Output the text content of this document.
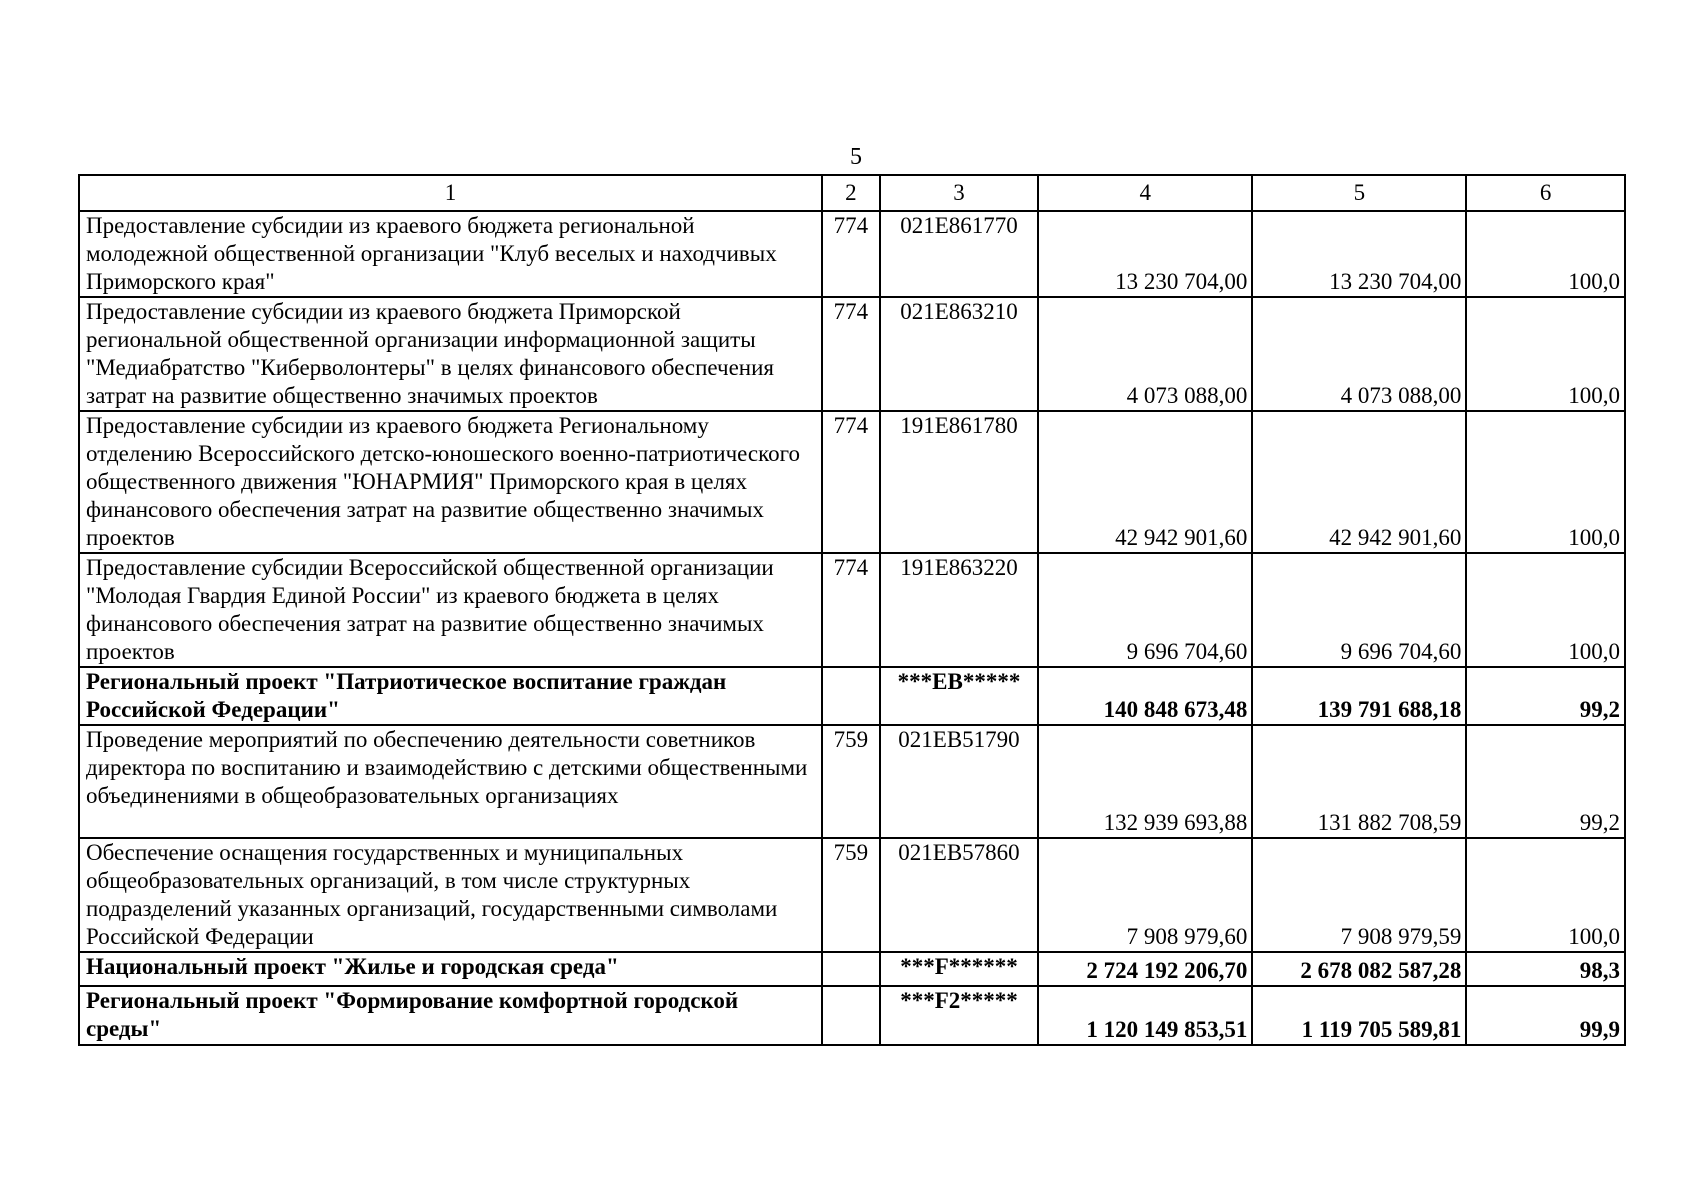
5
1	2	3	4	5	6
Предоставление субсидии из краевого бюджета региональной молодежной общественной организации "Клуб веселых и находчивых Приморского края"	774	021E861770	13 230 704,00	13 230 704,00	100,0
Предоставление субсидии из краевого бюджета Приморской региональной общественной организации информационной защиты "Медиабратство "Киберволонтеры" в целях финансового обеспечения затрат на развитие общественно значимых проектов	774	021E863210	4 073 088,00	4 073 088,00	100,0
Предоставление субсидии из краевого бюджета Региональному отделению Всероссийского детско-юношеского военно-патриотического общественного движения "ЮНАРМИЯ" Приморского края в целях финансового обеспечения затрат на развитие общественно значимых проектов	774	191E861780	42 942 901,60	42 942 901,60	100,0
Предоставление субсидии Всероссийской общественной организации "Молодая Гвардия Единой России" из краевого бюджета в целях финансового обеспечения затрат на развитие общественно значимых проектов	774	191E863220	9 696 704,60	9 696 704,60	100,0
Региональный проект "Патриотическое воспитание граждан Российской Федерации"		***EB*****	140 848 673,48	139 791 688,18	99,2
Проведение мероприятий по обеспечению деятельности советников директора по воспитанию и взаимодействию с детскими общественными объединениями в общеобразовательных организациях	759	021EB51790	132 939 693,88	131 882 708,59	99,2
Обеспечение оснащения государственных и муниципальных общеобразовательных организаций, в том числе структурных подразделений указанных организаций, государственными символами Российской Федерации	759	021EB57860	7 908 979,60	7 908 979,59	100,0
Национальный проект "Жилье и городская среда"		***F******	2 724 192 206,70	2 678 082 587,28	98,3
Региональный проект "Формирование комфортной городской среды"		***F2*****	1 120 149 853,51	1 119 705 589,81	99,9
